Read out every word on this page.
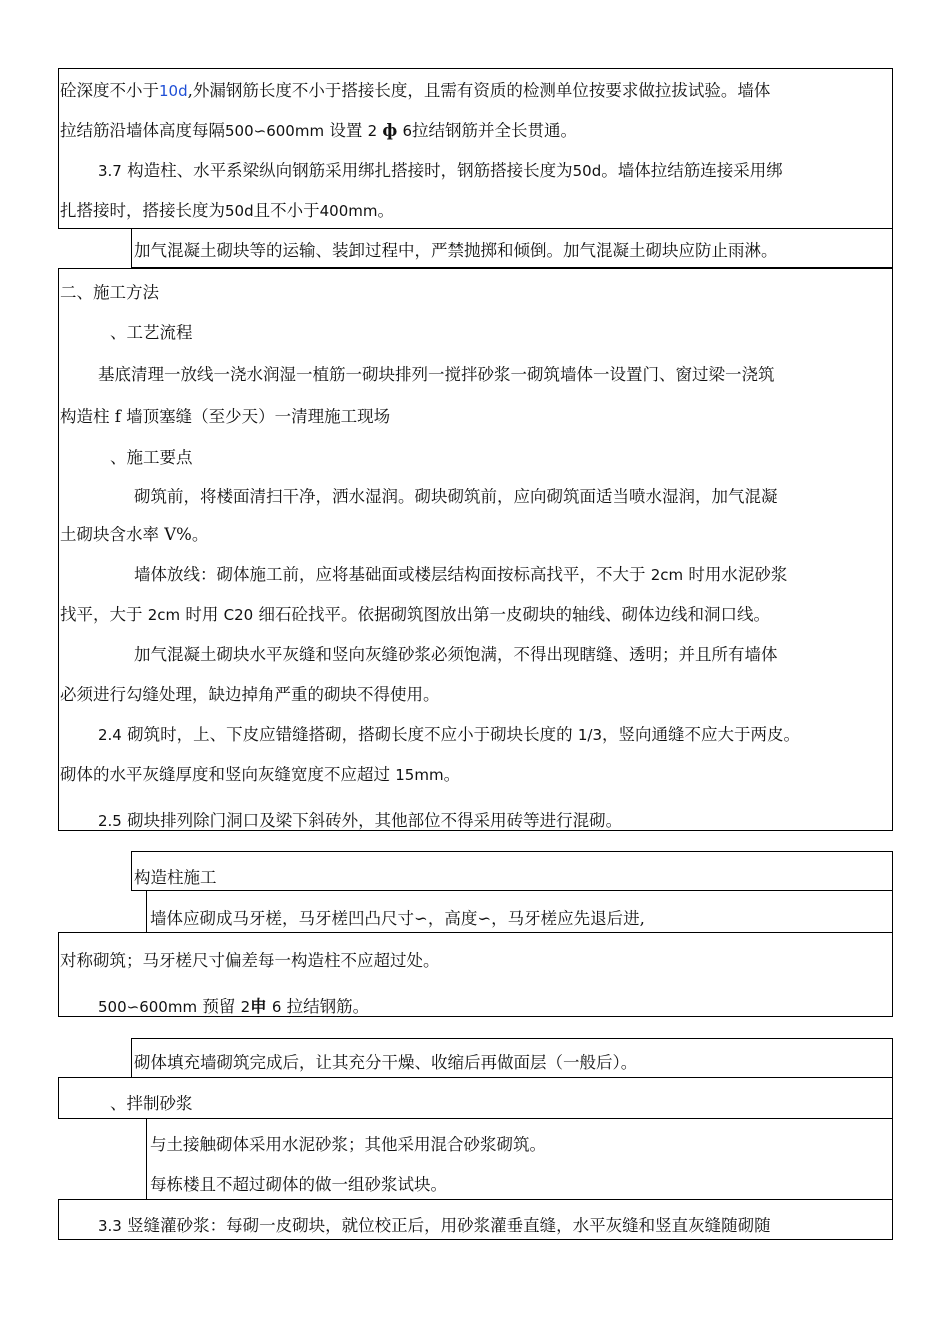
砼深度不小于10d,外漏钢筋长度不小于搭接长度，且需有资质的检测单位按要求做拉拔试验。墙体
拉结筋沿墙体高度每隔500∽600mm 设置 2 ф 6拉结钢筋并全长贯通。
3.7 构造柱、水平系梁纵向钢筋采用绑扎搭接时，钢筋搭接长度为50d。墙体拉结筋连接采用绑
扎搭接时，搭接长度为50d且不小于400mm。
加气混凝土砌块等的运输、装卸过程中，严禁抛掷和倾倒。加气混凝土砌块应防止雨淋。
二、施工方法
、工艺流程
基底清理一放线一浇水润湿一植筋一砌块排列一搅拌砂浆一砌筑墙体一设置门、窗过梁一浇筑
构造柱 f 墙顶塞缝（至少天）一清理施工现场
、施工要点
砌筑前，将楼面清扫干净，洒水湿润。砌块砌筑前，应向砌筑面适当喷水湿润，加气混凝
土砌块含水率 V%。
墙体放线：砌体施工前，应将基础面或楼层结构面按标高找平，不大于 2cm 时用水泥砂浆
找平，大于 2cm 时用 C20 细石砼找平。依据砌筑图放出第一皮砌块的轴线、砌体边线和洞口线。
加气混凝土砌块水平灰缝和竖向灰缝砂浆必须饱满，不得出现瞎缝、透明；并且所有墙体
必须进行勾缝处理，缺边掉角严重的砌块不得使用。
2.4 砌筑时，上、下皮应错缝搭砌，搭砌长度不应小于砌块长度的 1/3，竖向通缝不应大于两皮。
砌体的水平灰缝厚度和竖向灰缝宽度不应超过 15mm。
2.5 砌块排列除门洞口及梁下斜砖外，其他部位不得采用砖等进行混砌。
构造柱施工
墙体应砌成马牙槎，马牙槎凹凸尺寸∽，高度∽，马牙槎应先退后进,
对称砌筑；马牙槎尺寸偏差每一构造柱不应超过处。
500∽600mm 预留 2申 6 拉结钢筋。
砌体填充墙砌筑完成后，让其充分干燥、收缩后再做面层（一般后）。
、拌制砂浆
与土接触砌体采用水泥砂浆；其他采用混合砂浆砌筑。
每栋楼且不超过砌体的做一组砂浆试块。
3.3 竖缝灌砂浆：每砌一皮砌块，就位校正后，用砂浆灌垂直缝，水平灰缝和竖直灰缝随砌随
